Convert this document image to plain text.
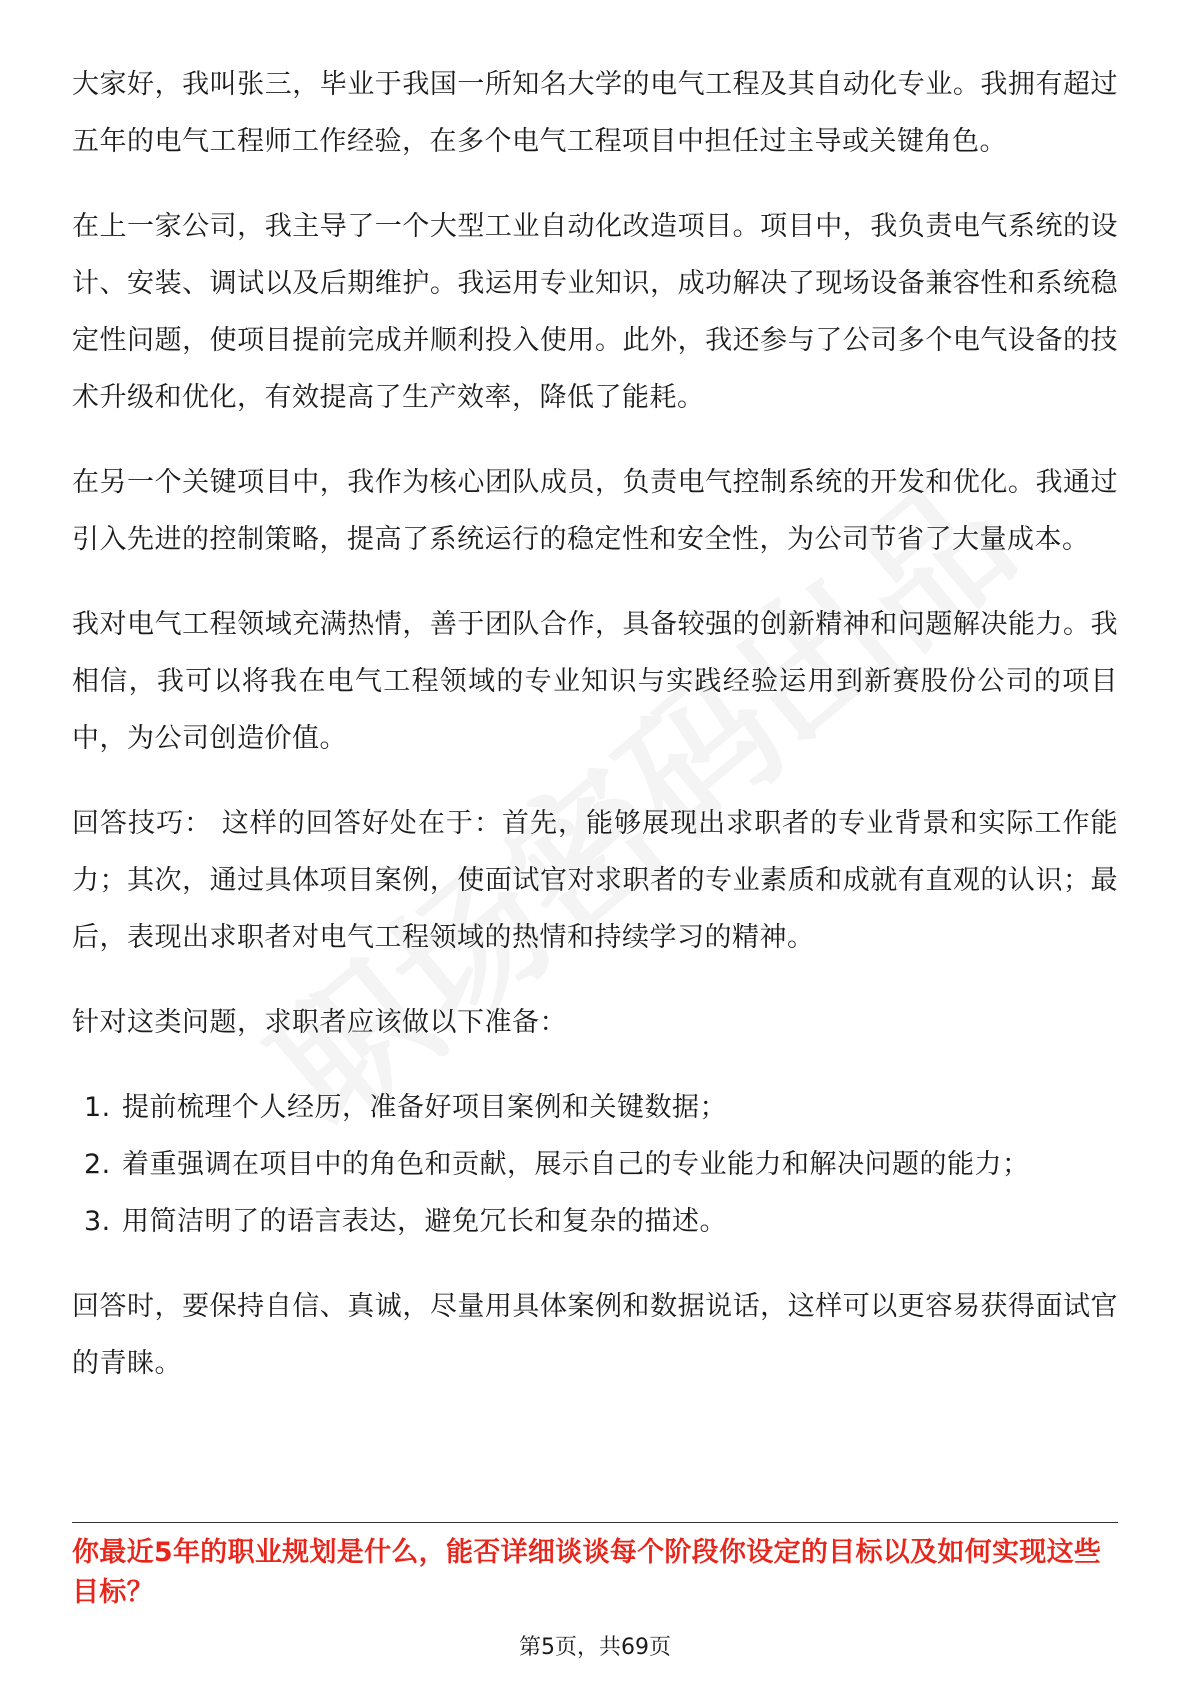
大家好，我叫张三，毕业于我国一所知名大学的电气工程及其自动化专业。我拥有超过五年的电气工程师工作经验，在多个电气工程项目中担任过主导或关键角色。

在上一家公司，我主导了一个大型工业自动化改造项目。项目中，我负责电气系统的设计、安装、调试以及后期维护。我运用专业知识，成功解决了现场设备兼容性和系统稳定性问题，使项目提前完成并顺利投入使用。此外，我还参与了公司多个电气设备的技术升级和优化，有效提高了生产效率，降低了能耗。

在另一个关键项目中，我作为核心团队成员，负责电气控制系统的开发和优化。我通过引入先进的控制策略，提高了系统运行的稳定性和安全性，为公司节省了大量成本。

我对电气工程领域充满热情，善于团队合作，具备较强的创新精神和问题解决能力。我相信，我可以将我在电气工程领域的专业知识与实践经验运用到新赛股份公司的项目中，为公司创造价值。

回答技巧： 这样的回答好处在于：首先，能够展现出求职者的专业背景和实际工作能力；其次，通过具体项目案例，使面试官对求职者的专业素质和成就有直观的认识；最后，表现出求职者对电气工程领域的热情和持续学习的精神。

针对这类问题，求职者应该做以下准备：

1. 提前梳理个人经历，准备好项目案例和关键数据；
2. 着重强调在项目中的角色和贡献，展示自己的专业能力和解决问题的能力；
3. 用简洁明了的语言表达，避免冗长和复杂的描述。

回答时，要保持自信、真诚，尽量用具体案例和数据说话，这样可以更容易获得面试官的青睐。

你最近5年的职业规划是什么，能否详细谈谈每个阶段你设定的目标以及如何实现这些目标？

第5页，共69页
